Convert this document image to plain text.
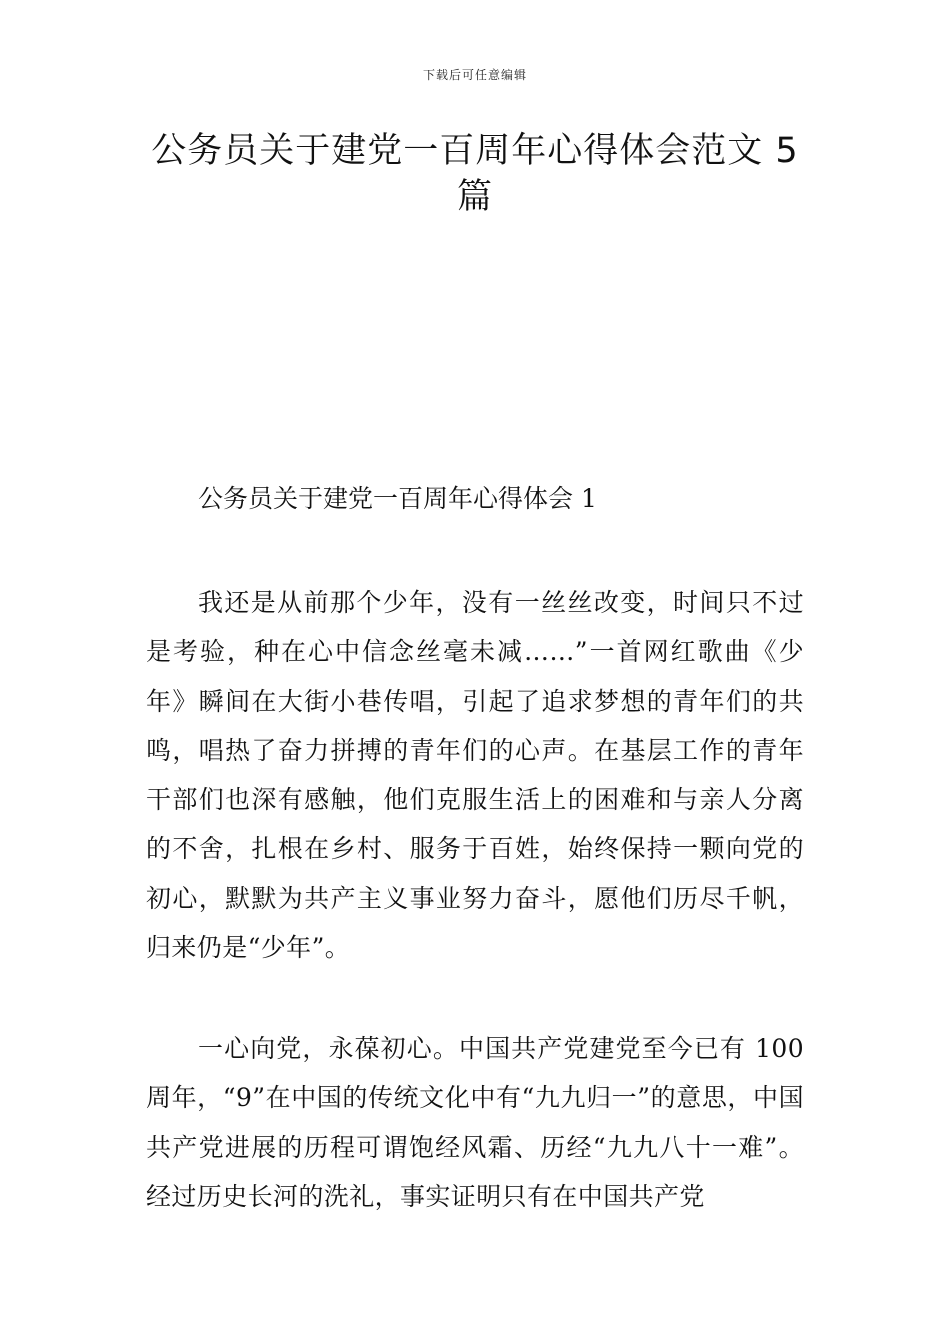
下载后可任意编辑
公务员关于建党一百周年心得体会范文 5 篇
公务员关于建党一百周年心得体会 1

我还是从前那个少年，没有一丝丝改变，时间只不过是考验，种在心中信念丝毫未减……”一首网红歌曲《少年》瞬间在大街小巷传唱，引起了追求梦想的青年们的共鸣，唱热了奋力拼搏的青年们的心声。在基层工作的青年干部们也深有感触，他们克服生活上的困难和与亲人分离的不舍，扎根在乡村、服务于百姓，始终保持一颗向党的初心，默默为共产主义事业努力奋斗，愿他们历尽千帆，归来仍是“少年”。

一心向党，永葆初心。中国共产党建党至今已有 100 周年，“9”在中国的传统文化中有“九九归一”的意思，中国共产党进展的历程可谓饱经风霜、历经“九九八十一难”。经过历史长河的洗礼，事实证明只有在中国共产党
